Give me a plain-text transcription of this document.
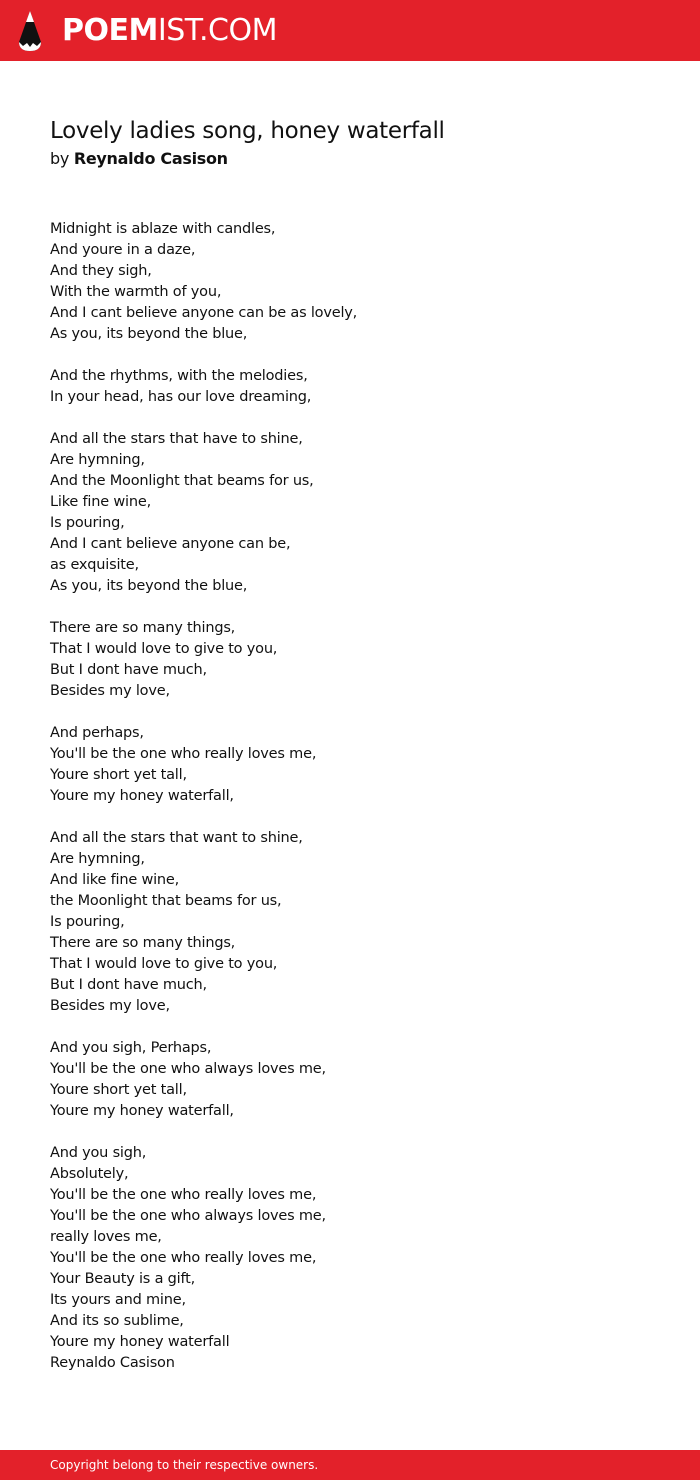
POEMIST.COM
Lovely ladies song, honey waterfall
by Reynaldo Casison
Midnight is ablaze with candles,
And youre in a daze,
And they sigh,
With the warmth of you,
And I cant believe anyone can be as lovely,
As you, its beyond the blue,
And the rhythms, with the melodies,
In your head, has our love dreaming,
And all the stars that have to shine,
Are hymning,
And the Moonlight that beams for us,
Like fine wine,
Is pouring,
And I cant believe anyone can be,
as exquisite,
As you, its beyond the blue,
There are so many things,
That I would love to give to you,
But I dont have much,
Besides my love,
And perhaps,
You'll be the one who really loves me,
Youre short yet tall,
Youre my honey waterfall,
And all the stars that want to shine,
Are hymning,
And like fine wine,
the Moonlight that beams for us,
Is pouring,
There are so many things,
That I would love to give to you,
But I dont have much,
Besides my love,
And you sigh, Perhaps,
You'll be the one who always loves me,
Youre short yet tall,
Youre my honey waterfall,
And you sigh,
Absolutely,
You'll be the one who really loves me,
You'll be the one who always loves me,
really loves me,
You'll be the one who really loves me,
Your Beauty is a gift,
Its yours and mine,
And its so sublime,
Youre my honey waterfall
Reynaldo Casison
Copyright belong to their respective owners.
